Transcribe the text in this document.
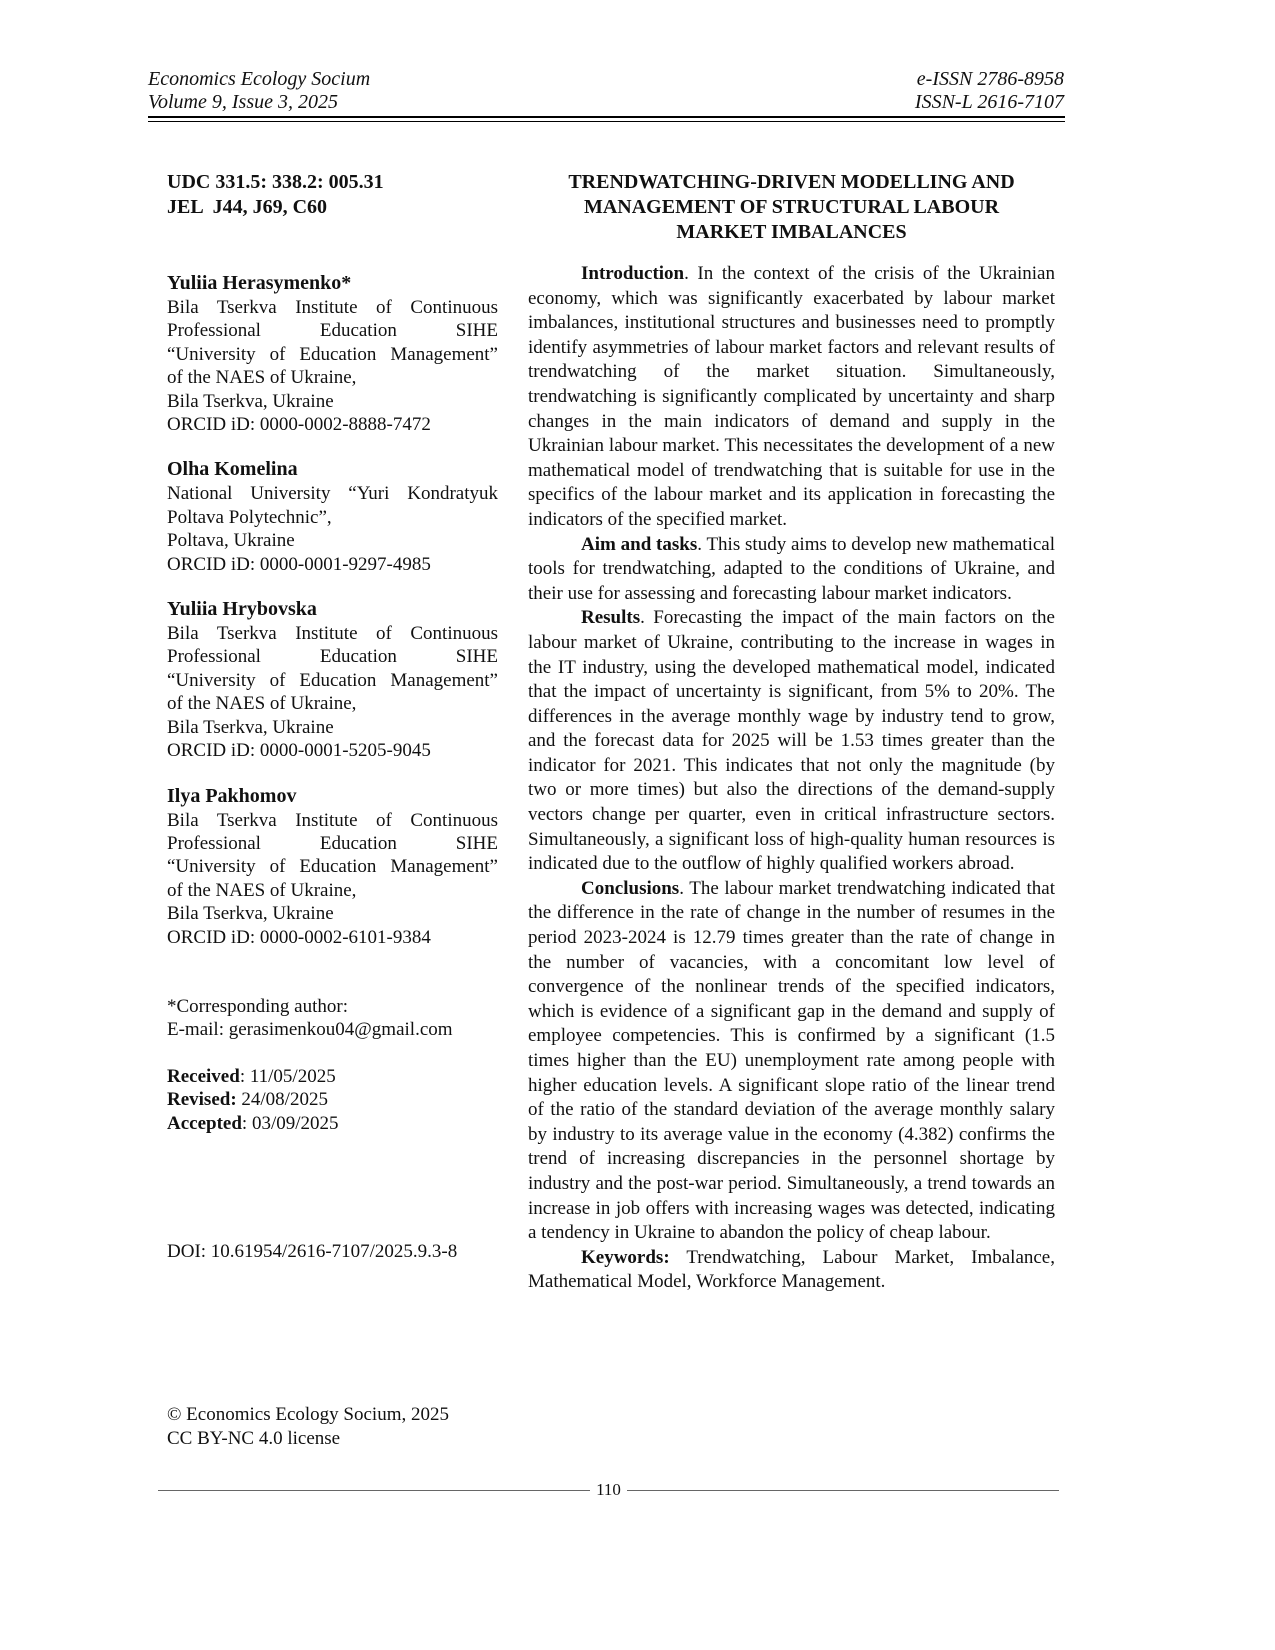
Economics Ecology Socium
Volume 9, Issue 3, 2025
e-ISSN 2786-8958
ISSN-L 2616-7107
UDC 331.5: 338.2: 005.31
JEL  J44, J69, C60
Yuliia Herasymenko*
Bila Tserkva Institute of Continuous
Professional Education SIHE
“University of Education Management”
of the NAES of Ukraine,
Bila Tserkva, Ukraine
ORCID iD: 0000-0002-8888-7472
Olha Komelina
National University “Yuri Kondratyuk
Poltava Polytechnic”,
Poltava, Ukraine
ORCID iD: 0000-0001-9297-4985
Yuliia Hrybovska
Bila Tserkva Institute of Continuous
Professional Education SIHE
“University of Education Management”
of the NAES of Ukraine,
Bila Tserkva, Ukraine
ORCID iD: 0000-0001-5205-9045
Ilya Pakhomov
Bila Tserkva Institute of Continuous
Professional Education SIHE
“University of Education Management”
of the NAES of Ukraine,
Bila Tserkva, Ukraine
ORCID iD: 0000-0002-6101-9384
*Corresponding author:
E-mail: gerasimenkou04@gmail.com
Received: 11/05/2025
Revised: 24/08/2025
Accepted: 03/09/2025
DOI: 10.61954/2616-7107/2025.9.3-8
© Economics Ecology Socium, 2025
CC BY-NC 4.0 license
TRENDWATCHING-DRIVEN MODELLING AND
MANAGEMENT OF STRUCTURAL LABOUR
MARKET IMBALANCES

Introduction. In the context of the crisis of the Ukrainian economy, which was significantly exacerbated by labour market imbalances, institutional structures and businesses need to promptly identify asymmetries of labour market factors and relevant results of trendwatching of the market situation. Simultaneously, trendwatching is significantly complicated by uncertainty and sharp changes in the main indicators of demand and supply in the Ukrainian labour market. This necessitates the development of a new mathematical model of trendwatching that is suitable for use in the specifics of the labour market and its application in forecasting the indicators of the specified market.

Aim and tasks. This study aims to develop new mathematical tools for trendwatching, adapted to the conditions of Ukraine, and their use for assessing and forecasting labour market indicators.

Results. Forecasting the impact of the main factors on the labour market of Ukraine, contributing to the increase in wages in the IT industry, using the developed mathematical model, indicated that the impact of uncertainty is significant, from 5% to 20%. The differences in the average monthly wage by industry tend to grow, and the forecast data for 2025 will be 1.53 times greater than the indicator for 2021. This indicates that not only the magnitude (by two or more times) but also the directions of the demand-supply vectors change per quarter, even in critical infrastructure sectors. Simultaneously, a significant loss of high-quality human resources is indicated due to the outflow of highly qualified workers abroad.

Conclusions. The labour market trendwatching indicated that the difference in the rate of change in the number of resumes in the period 2023-2024 is 12.79 times greater than the rate of change in the number of vacancies, with a concomitant low level of convergence of the nonlinear trends of the specified indicators, which is evidence of a significant gap in the demand and supply of employee competencies. This is confirmed by a significant (1.5 times higher than the EU) unemployment rate among people with higher education levels. A significant slope ratio of the linear trend of the ratio of the standard deviation of the average monthly salary by industry to its average value in the economy (4.382) confirms the trend of increasing discrepancies in the personnel shortage by industry and the post-war period. Simultaneously, a trend towards an increase in job offers with increasing wages was detected, indicating a tendency in Ukraine to abandon the policy of cheap labour.

Keywords: Trendwatching, Labour Market, Imbalance, Mathematical Model, Workforce Management.

110
